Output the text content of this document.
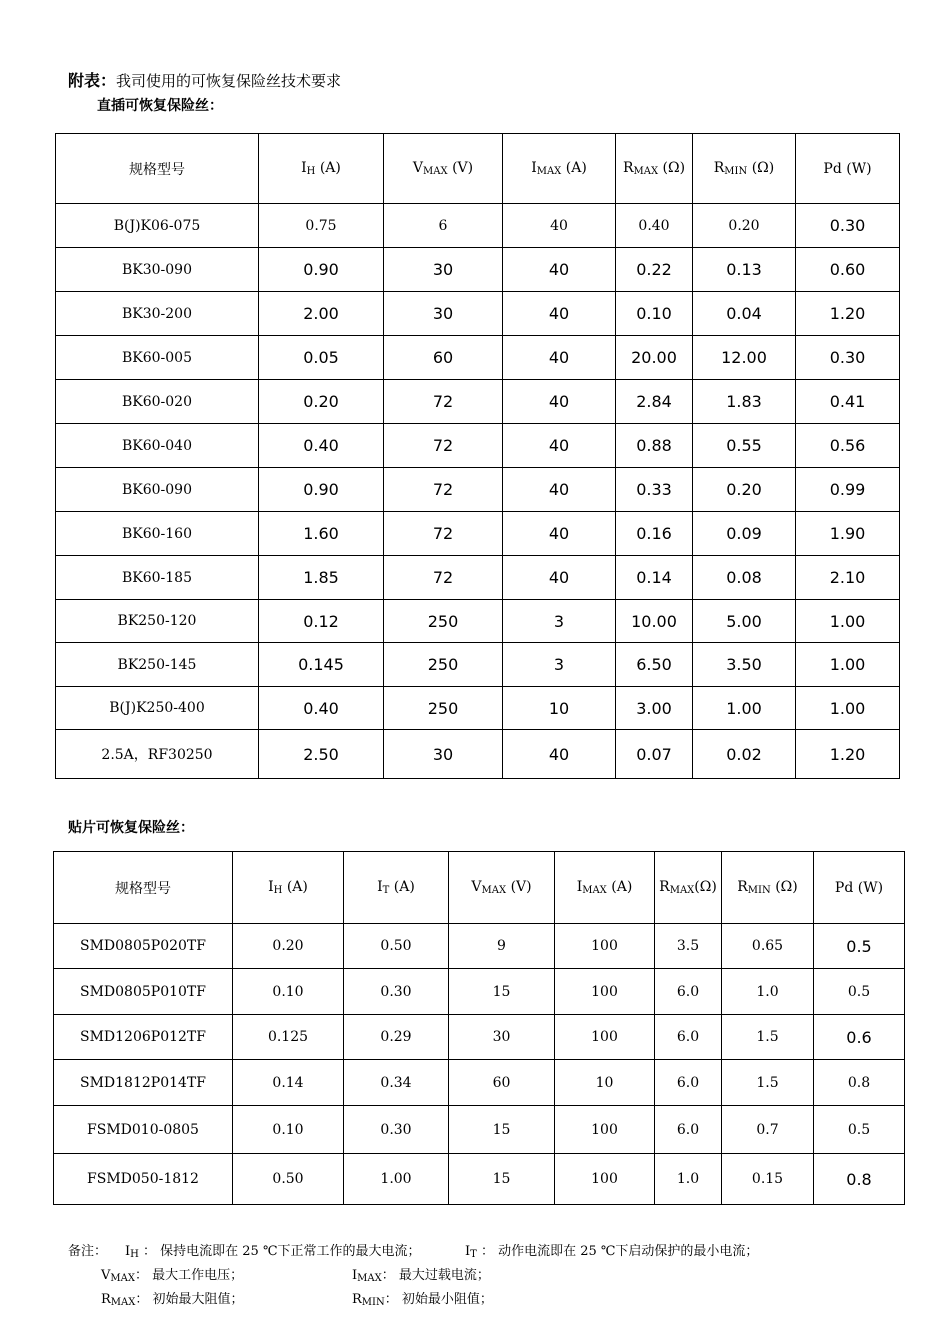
附表：我司使用的可恢复保险丝技术要求
直插可恢复保险丝：
规格型号	$I_H$ (A)	$V_{MAX}$ (V)	$I_{MAX}$ (A)	$R_{MAX}$ (Ω)	$R_{MIN}$ (Ω)	Pd (W)
B(J)K06-075	0.75	6	40	0.40	0.20	0.30
BK30-090	0.90	30	40	0.22	0.13	0.60
BK30-200	2.00	30	40	0.10	0.04	1.20
BK60-005	0.05	60	40	20.00	12.00	0.30
BK60-020	0.20	72	40	2.84	1.83	0.41
BK60-040	0.40	72	40	0.88	0.55	0.56
BK60-090	0.90	72	40	0.33	0.20	0.99
BK60-160	1.60	72	40	0.16	0.09	1.90
BK60-185	1.85	72	40	0.14	0.08	2.10
BK250-120	0.12	250	3	10.00	5.00	1.00
BK250-145	0.145	250	3	6.50	3.50	1.00
B(J)K250-400	0.40	250	10	3.00	1.00	1.00
2.5A，RF30250	2.50	30	40	0.07	0.02	1.20
贴片可恢复保险丝：
规格型号	$I_H$ (A)	$I_T$ (A)	$V_{MAX}$ (V)	$I_{MAX}$ (A)	$R_{MAX}(\Omega)$	$R_{MIN}$ (Ω)	Pd (W)
SMD0805P020TF	0.20	0.50	9	100	3.5	0.65	0.5
SMD0805P010TF	0.10	0.30	15	100	6.0	1.0	0.5
SMD1206P012TF	0.125	0.29	30	100	6.0	1.5	0.6
SMD1812P014TF	0.14	0.34	60	10	6.0	1.5	0.8
FSMD010-0805	0.10	0.30	15	100	6.0	0.7	0.5
FSMD050-1812	0.50	1.00	15	100	1.0	0.15	0.8
备注： $I_H$ ： 保持电流即在 25 ℃下正常工作的最大电流；	$I_T$ ： 动作电流即在 25 ℃下启动保护的最小电流；
$V_{MAX}$： 最大工作电压；	$I_{MAX}$： 最大过载电流；
$R_{MAX}$： 初始最大阻值；	$R_{MIN}$： 初始最小阻值；
